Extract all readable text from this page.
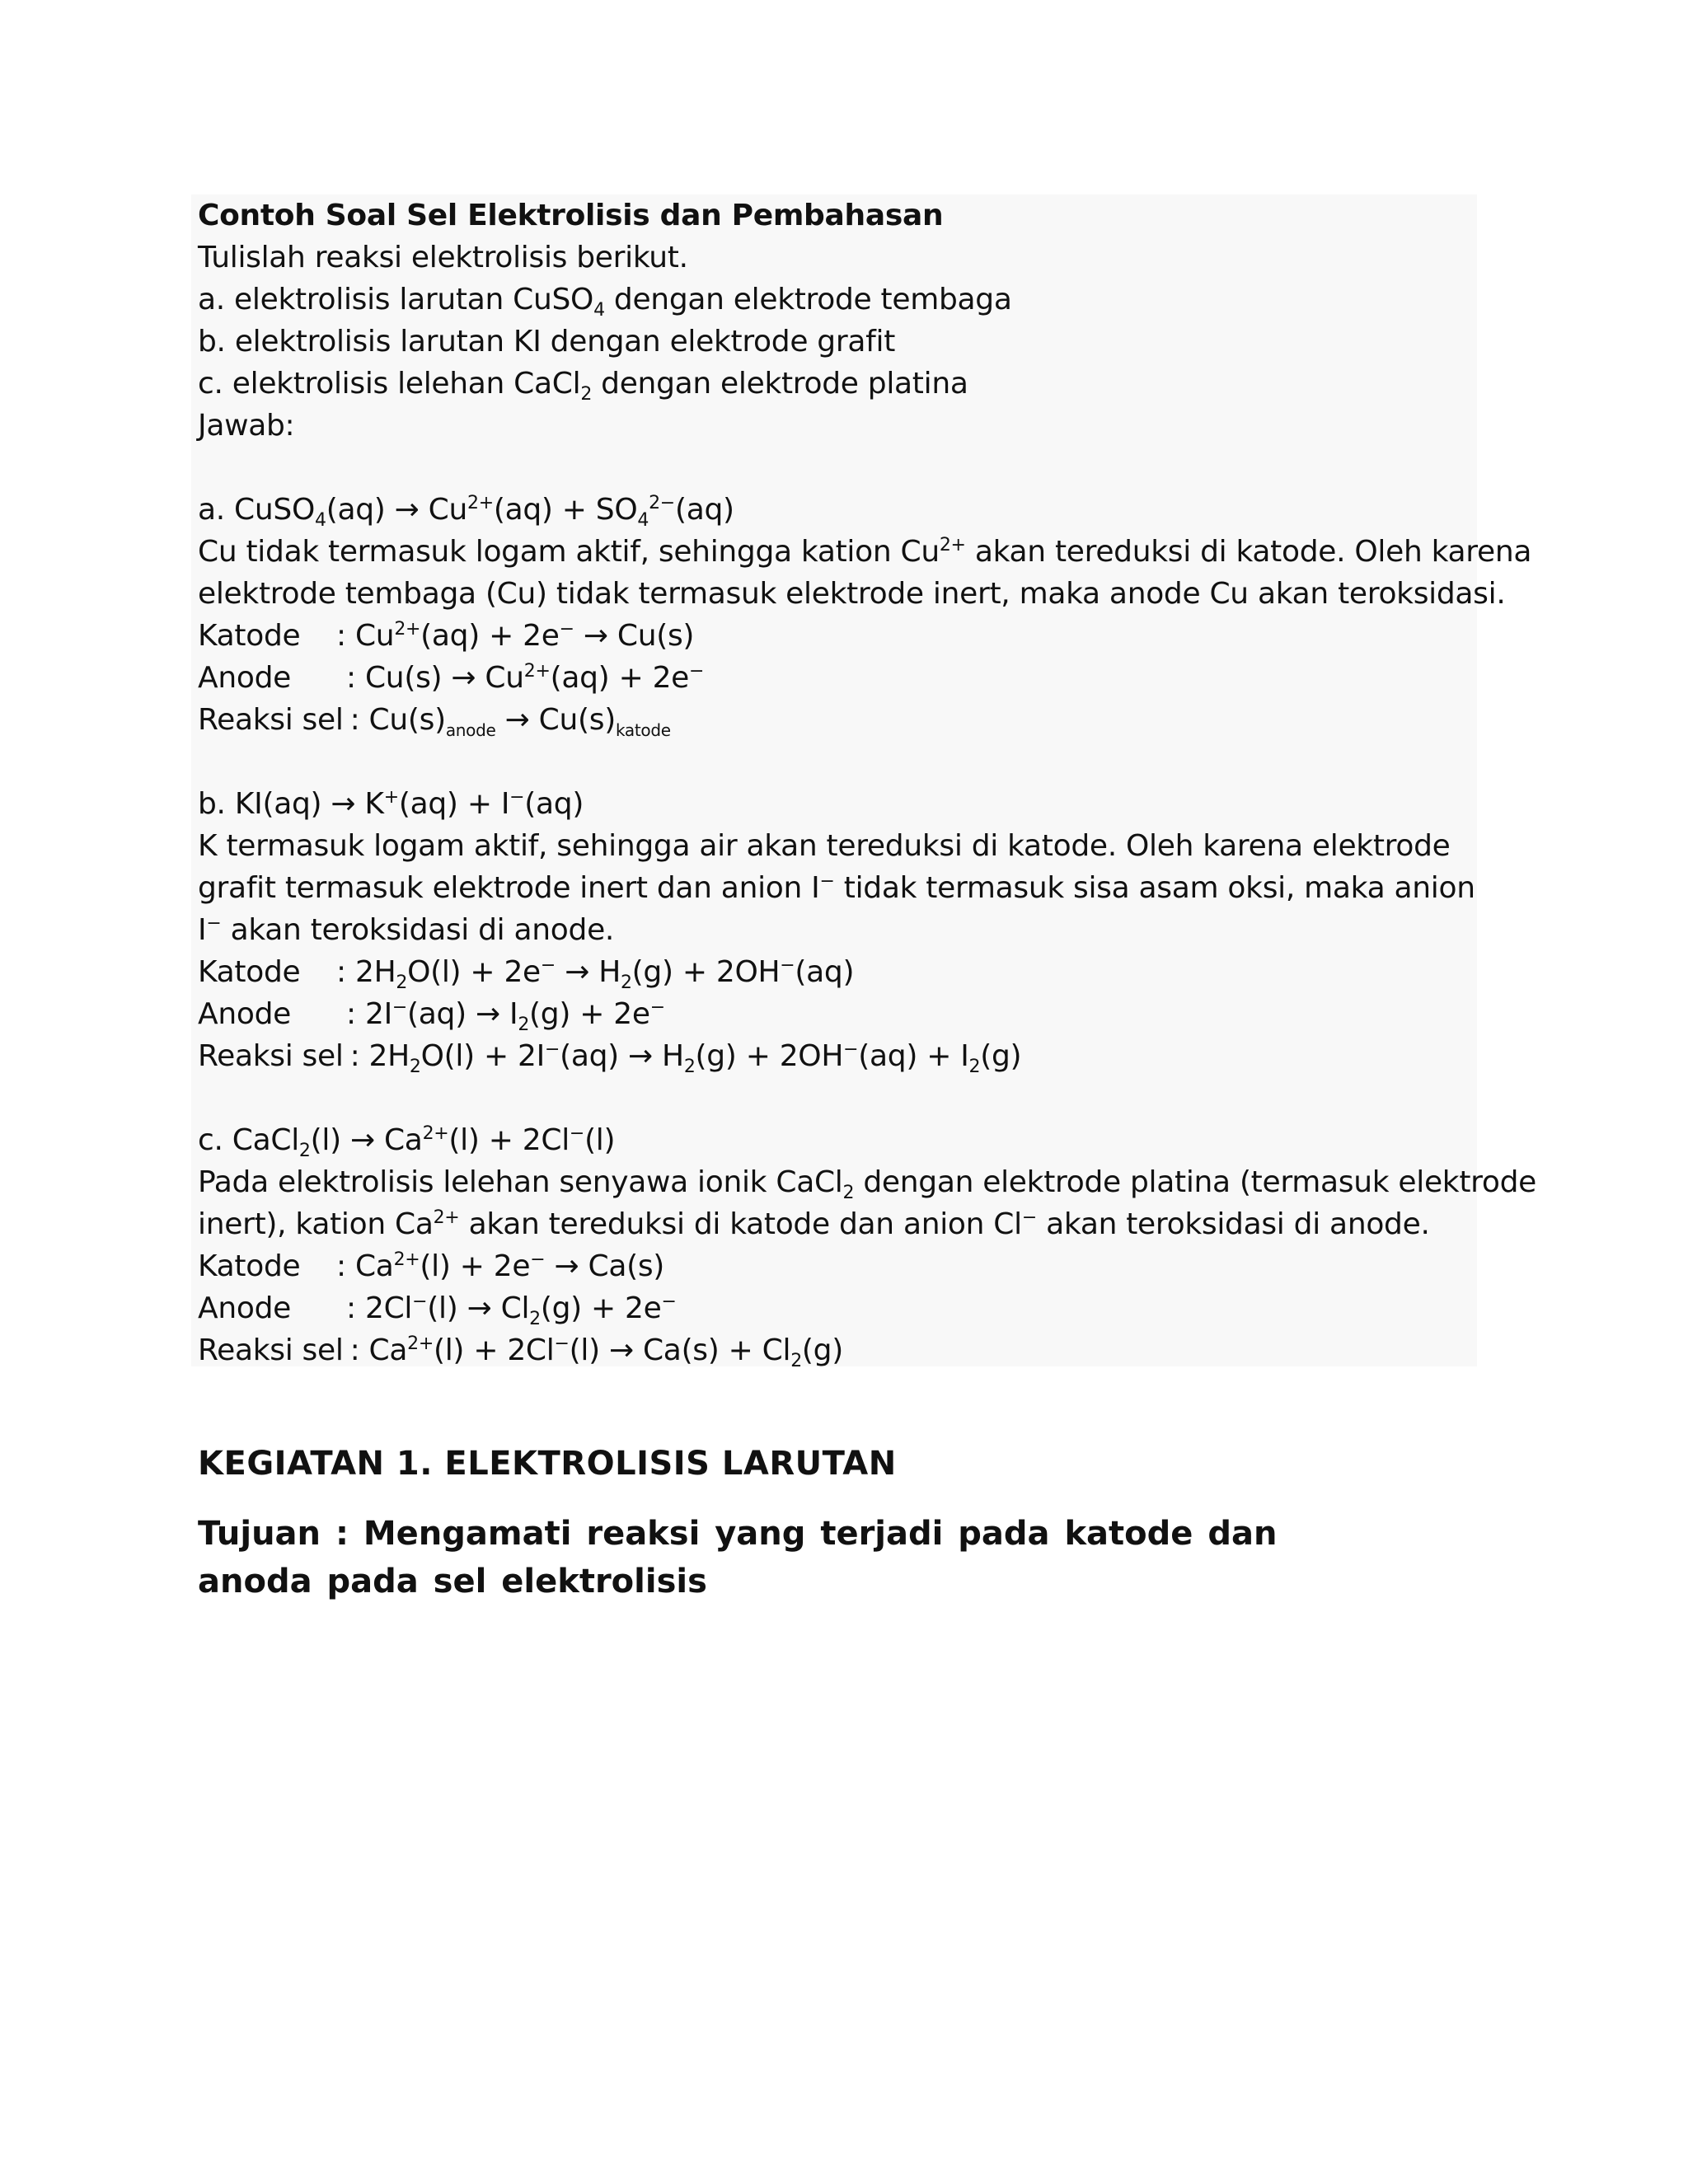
Contoh Soal Sel Elektrolisis dan Pembahasan
Tulislah reaksi elektrolisis berikut.
a. elektrolisis larutan CuSO$_4$ dengan elektrode tembaga
b. elektrolisis larutan KI dengan elektrode grafit
c. elektrolisis lelehan CaCl$_2$ dengan elektrode platina
Jawab:
a. CuSO$_4$(aq) → $Cu^{2+}(aq) + SO_4^{2-}(aq)$
Cu tidak termasuk logam aktif, sehingga kation $Cu^{2+}$ akan tereduksi di katode. Oleh karena
elektrode tembaga (Cu) tidak termasuk elektrode inert, maka anode Cu akan teroksidasi.
Katode	: $Cu^{2+}(aq) + 2e^- \to Cu(s)$
Anode	: $Cu(s) \to Cu^{2+}(aq) + 2e^-$
Reaksi sel : $Cu(s)_{anode} \to Cu(s)_{katode}$
b. KI(aq) → K+(aq) + I−(aq)
K termasuk logam aktif, sehingga air akan tereduksi di katode. Oleh karena elektrode
grafit termasuk elektrode inert dan anion I− tidak termasuk sisa asam oksi, maka anion
I− akan teroksidasi di anode.
Katode	: $2H_2O(l) + 2e^- \to H_2(g) + 2OH^-(aq)$
Anode	: $2I^-(aq) \to I_2(g) + 2e^-$
Reaksi sel : $2H_2O(l) + 2I^-(aq) \to H_2(g) + 2OH^-(aq) + I_2(g)$
c. CaCl$_2$(l) → $Ca^{2+}(l) + 2Cl^-(l)$
Pada elektrolisis lelehan senyawa ionik CaCl$_2$ dengan elektrode platina (termasuk elektrode
inert), kation $Ca^{2+}$ akan tereduksi di katode dan anion Cl− akan teroksidasi di anode.
Katode	: $Ca^{2+}(l) + 2e^- \to Ca(s)$
Anode	: $2Cl^-(l) \to Cl_2(g) + 2e^-$
Reaksi sel : $Ca^{2+}(l) + 2Cl^-(l) \to Ca(s) + Cl_2(g)$
KEGIATAN 1. ELEKTROLISIS LARUTAN
Tujuan : Mengamati reaksi yang terjadi pada katode dan anoda pada sel elektrolisis
